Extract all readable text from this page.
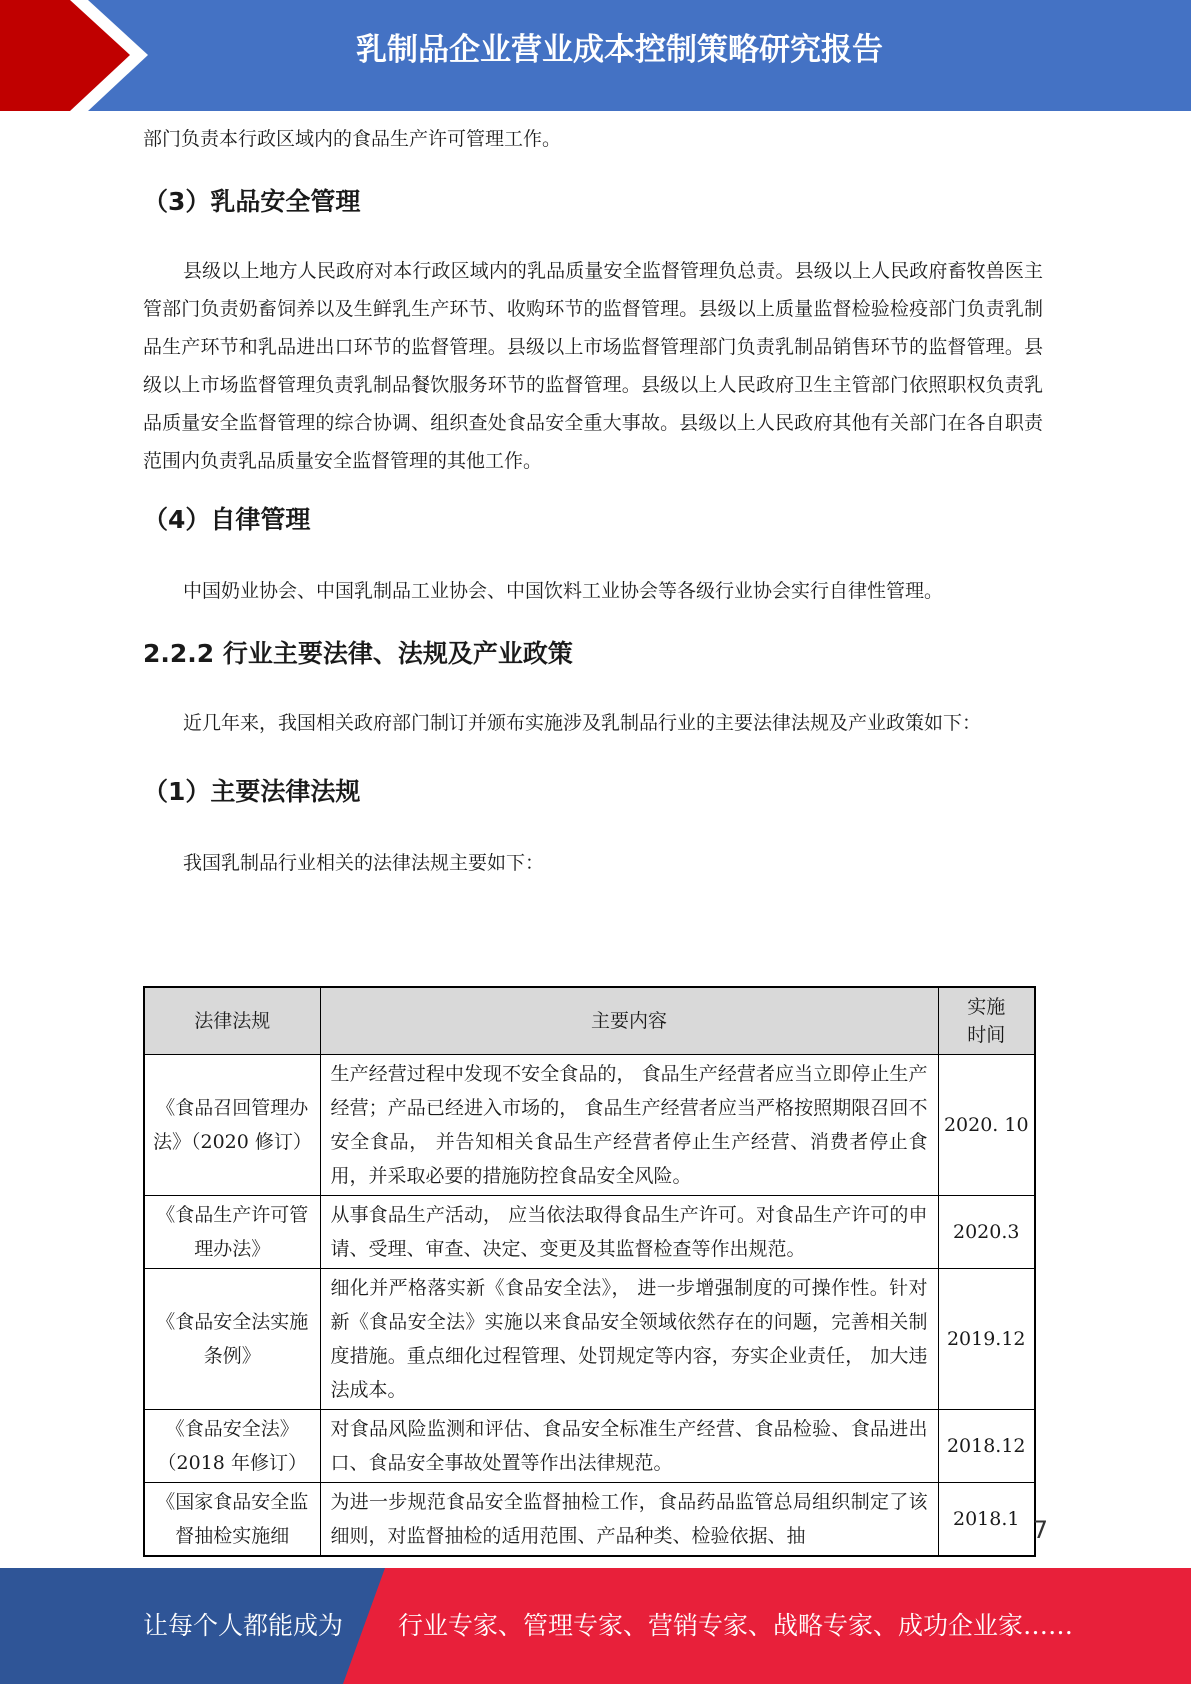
乳制品企业营业成本控制策略研究报告

部门负责本行政区域内的食品生产许可管理工作。

（3）乳品安全管理

县级以上地方人民政府对本行政区域内的乳品质量安全监督管理负总责。县级以上人民政府畜牧兽医主管部门负责奶畜饲养以及生鲜乳生产环节、收购环节的监督管理。县级以上质量监督检验检疫部门负责乳制品生产环节和乳品进出口环节的监督管理。县级以上市场监督管理部门负责乳制品销售环节的监督管理。县级以上市场监督管理负责乳制品餐饮服务环节的监督管理。县级以上人民政府卫生主管部门依照职权负责乳品质量安全监督管理的综合协调、组织查处食品安全重大事故。县级以上人民政府其他有关部门在各自职责范围内负责乳品质量安全监督管理的其他工作。

（4）自律管理

中国奶业协会、中国乳制品工业协会、中国饮料工业协会等各级行业协会实行自律性管理。

2.2.2 行业主要法律、法规及产业政策

近几年来，我国相关政府部门制订并颁布实施涉及乳制品行业的主要法律法规及产业政策如下：

（1）主要法律法规

我国乳制品行业相关的法律法规主要如下：

法律法规	主要内容	实施时间
《食品召回管理办法》（2020 修订）	生产经营过程中发现不安全食品的， 食品生产经营者应当立即停止生产经营；产品已经进入市场的， 食品生产经营者应当严格按照期限召回不安全食品， 并告知相关食品生产经营者停止生产经营、消费者停止食用，并采取必要的措施防控食品安全风险。	2020. 10
《食品生产许可管理办法》	从事食品生产活动， 应当依法取得食品生产许可。对食品生产许可的申请、受理、审查、决定、变更及其监督检查等作出规范。	2020.3
《食品安全法实施条例》	细化并严格落实新《食品安全法》， 进一步增强制度的可操作性。针对新《食品安全法》实施以来食品安全领域依然存在的问题，完善相关制度措施。重点细化过程管理、处罚规定等内容，夯实企业责任， 加大违法成本。	2019.12
《食品安全法》（2018 年修订）	对食品风险监测和评估、食品安全标准生产经营、食品检验、食品进出口、食品安全事故处置等作出法律规范。	2018.12
《国家食品安全监督抽检实施细	为进一步规范食品安全监督抽检工作，食品药品监管总局组织制定了该细则，对监督抽检的适用范围、产品种类、检验依据、抽	2018.1 7
让每个人都能成为 行业专家、管理专家、营销专家、战略专家、成功企业家……
